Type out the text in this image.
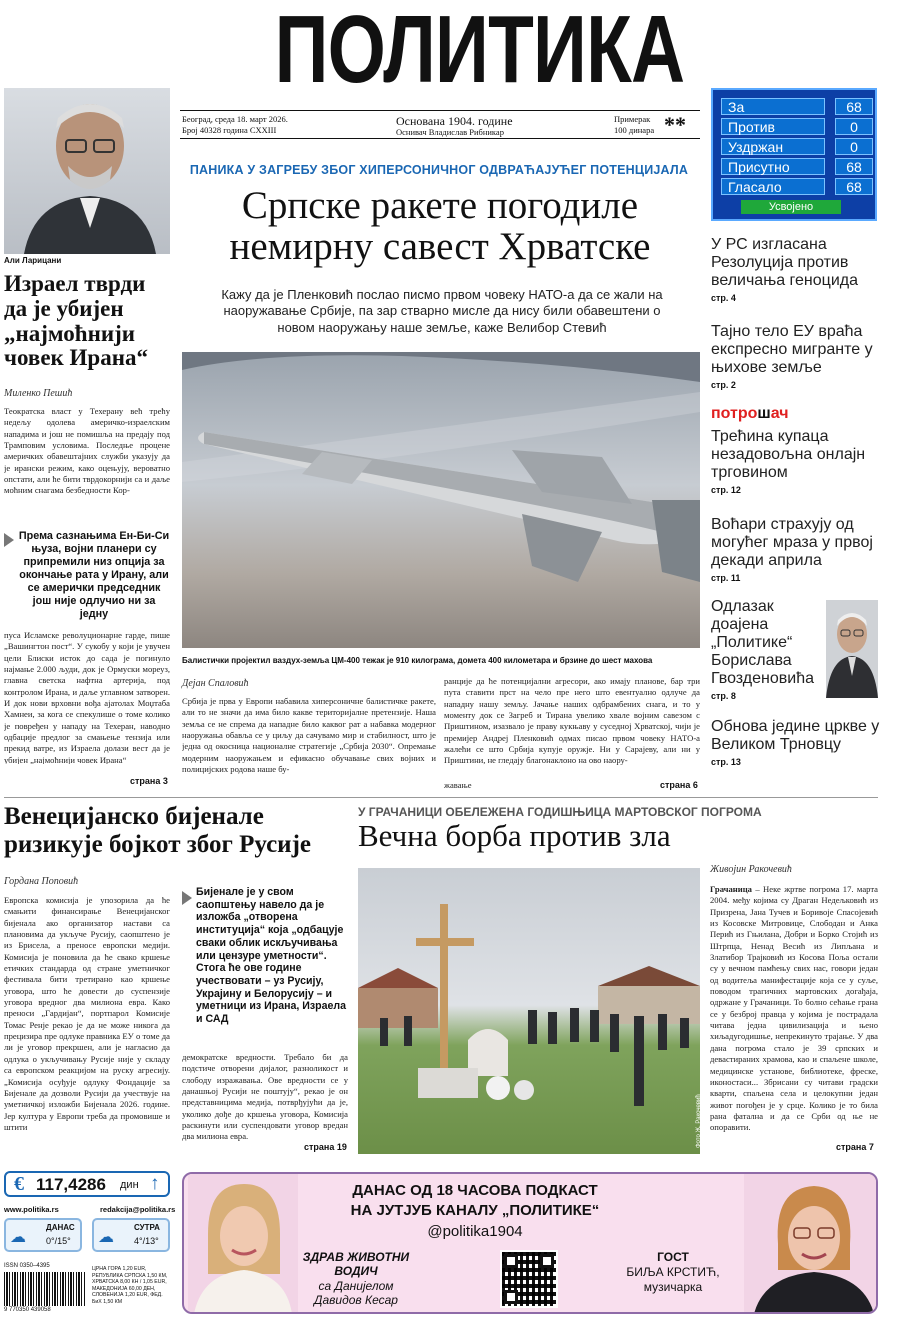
ПОЛИТИКА
Београд, среда 18. март 2026.
Број 40328 година CXXIII
Основана 1904. године
Оснивач Владислав Рибникар
Примерак
100 динара **
Али Ларицани
Израел тврди да је убијен „најмоћнији човек Ирана“
Миленко Пешић
Теократска власт у Техерану већ трећу недељу одолева америчко-израелским нападима и још не помишља на предају под Трамповим условима. Последње процене америчких обавештајних служби указују да је ирански режим, како оцењују, вероватно опстати, али ће бити тврдокорнији са и даље моћним снагама безбедности Кор-
Према сазнањима Ен-Би-Си њуза, војни планери су припремили низ опција за окончање рата у Ирану, али се амерички председник још није одлучио ни за једну
пуса Исламске револуционарне гарде, пише „Вашингтон пост“. У сукобу у који је увучен цели Блиски исток до сада је погинуло најмање 2.000 људи, док је Ормуски мореуз, главна светска нафтна артерија, под контролом Ирана, и даље углавном затворен. И док нови врховни вођа ајатолах Моџтаба Хамнеи, за кога се спекулише о томе колико је повређен у нападу на Техеран, наводно одбације предлог за смањење тензија или прекид ватре, из Израела долази вест да је убијен „најмоћнији човек Ирана“
страна 3
ПАНИКА У ЗАГРЕБУ ЗБОГ ХИПЕРСОНИЧНОГ ОДВРАЋАЈУЋЕГ ПОТЕНЦИЈАЛА
Српске ракете погодиле
немирну савест Хрватске
Кажу да је Пленковић послао писмо првом човеку НАТО-а да се жали на наоружавање Србије, па зар стварно мисле да нису били обавештени о новом наоружању наше земље, каже Велибор Стевић
Балистички пројектил ваздух-земља ЦМ-400 тежак је 910 килограма, домета 400 километара и брзине до шест махова
Дејан Спаловић
Србија је прва у Европи набавила хиперсоничне балистичке ракете, али то не значи да има било какве територијалне претензије. Наша земља се не спрема да нападне било каквог рат а набавка модерног наоружања обавља се у циљу да сачувамо мир и стабилност, што је једна од окосница националне стратегије „Србија 2030“. Опремање модерним наоружањем и ефикасно обучавање свих војних и полицијских родова наше бу-
ранције да ће потенцијални агресори, ако имају планове, бар три пута ставити прст на чело пре него што евентуално одлуче да нападну нашу земљу. Јачање наших одбрамбених снага, и то у моменту док се Загреб и Тирана увелико хвале војним савезом с Приштином, изазвало је праву кукњаву у суседној Хрватској, чији је премијер Андреј Пленковић одмах писао првом човеку НАТО-а жалећи се што Србија купује оружје. Ни у Сарајеву, али ни у Приштини, не гледају благонаклоно на ово наору-
жавање	страна 6
За	68
Против	0
Уздржан	0
Присутно	68
Гласало	68
Усвојено
У РС изгласана Резолуција против величања геноцида
стр. 4
Тајно тело ЕУ враћа експресно мигранте у њихове земље
стр. 2
потрошач
Трећина купаца незадовољна онлајн трговином
стр. 12
Воћари страхују од могућег мраза у првој декади априла
стр. 11
Одлазак доајена „Политике“ Борислава Гвозденовића
стр. 8
Обнова једине цркве у Великом Трновцу
стр. 13
Венецијанско бијенале ризикује бојкот због Русије
Гордана Поповић
Европска комисија је упозорила да ће смањити финансирање Венецијанског бијенала ако организатор настави са плановима да укључе Русију, саопштено је из Брисела, а преносе европски медији. Комисија је поновила да ће свако кршење етичких стандарда од стране уметничког фестивала бити третирано као кршење уговора, што ће довести до суспензије уговора вредног два милиона евра. Како преноси „Гардијан“, портпарол Комисије Томас Ренје рекао је да не може никога да прецизира пре одлуке правника ЕУ о томе да ли је уговор прекршен, али је нагласио да одлука о укључивању Русије није у складу са европском реакцијом на руску агресију. „Комисија осуђује одлуку Фондације за Бијенале да дозволи Русији да учествује на уметничкој изложби Бијенала 2026. године. Јер култура у Европи треба да промовише и штити
Бијенале је у свом саопштењу навело да је изложба „отворена институција“ која „одбацује сваки облик искључивања или цензуре уметности“. Стога ће ове године учествовати – уз Русију, Украјину и Белорусију – и уметници из Ирана, Израела и САД
демократске вредности. Требало би да подстиче отворени дијалог, разноликост и слободу изражавања. Ове вредности се у данашњој Русији не поштују“, рекао је он представницима медија, потврђујући да је, уколико дође до кршења уговора, Комисија раскинути или суспендовати уговор вредан два милиона евра.
страна 19
У ГРАЧАНИЦИ ОБЕЛЕЖЕНА ГОДИШЊИЦА МАРТОВСКОГ ПОГРОМА
Вечна борба против зла
Живојин Ракочевић
Фото Ж. Ракочевић
Грачаница – Неке жртве погрома 17. марта 2004. међу којима су Драган Недељковић из Призрена, Јана Тучев и Боривоје Спасојевић из Косовске Митровице, Слободан и Анка Перић из Гњилана, Добри и Борко Стојић из Штрпца, Ненад Весић из Липљана и Златибор Трајковић из Косова Поља остали су у вечном памћењу свих нас, говори један од водитеља манифестације која се у суље, поводом трагичних мартовских догађаја, одржане у Грачаници. То болно сећање грана се у безброј правца у којима је пострадала читава једна цивилизација и њено хиљадугодишње, непрекинуто трајање. У два дана погрома стало је 39 српских и девастираних храмова, као и спаљене школе, медицинске установе, библиотеке, фреске, иконостаси... Збрисани су читави градски кварти, спаљена села и целокупни један живот погођен је у срце. Колико је то била рана фатална и да се Срби од ње не опоравити.
страна 7
€ 117,4286 дин ↑
www.politika.rs	redakcija@politika.rs
☁
ДАНАС
0°/15° ☁
СУТРА
4°/13°
ISSN 0350–4395
9 770350 439058
ЦРНА ГОРА 1,20 EUR, РЕПУБЛИКА СРПСКА 1,50 КМ, ХРВАТСКА 8,00 КН / 1,05 EUR, МАКЕДОНИЈА 60,00 ДЕН, СЛОВЕНИЈА 1,20 EUR, ФЕД. БиХ 1,50 КМ
ДАНАС ОД 18 ЧАСОВА ПОДКАСТ
НА ЈУТЈУБ КАНАЛУ „ПОЛИТИКЕ“
@politika1904
ЗДРАВ ЖИВОТНИ
ВОДИЧ
са Данијелом
Давидов Кесар
ГОСТ
БИЉА КРСТИЋ,
музичарка
